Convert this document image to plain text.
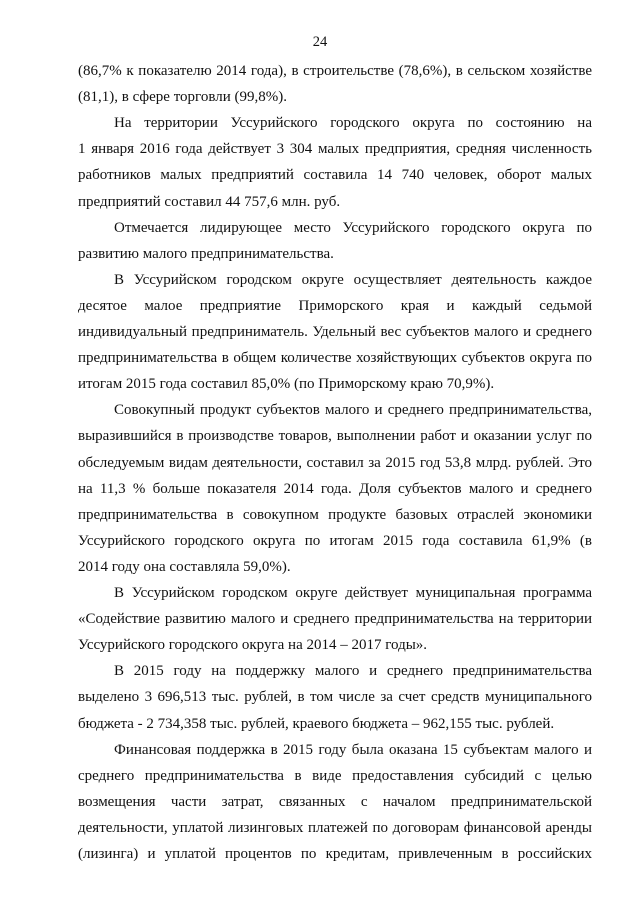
24
(86,7% к показателю 2014 года), в строительстве (78,6%), в сельском хозяйстве
(81,1), в сфере торговли (99,8%).
На территории Уссурийского городского округа по состоянию на
1 января 2016 года действует 3 304 малых предприятия, средняя численность
работников малых предприятий составила 14 740 человек, оборот малых
предприятий составил 44 757,6 млн. руб.
Отмечается лидирующее место Уссурийского городского округа по
развитию малого предпринимательства.
В Уссурийском городском округе осуществляет деятельность каждое
десятое малое предприятие Приморского края и каждый седьмой
индивидуальный предприниматель. Удельный вес субъектов малого и среднего
предпринимательства в общем количестве хозяйствующих субъектов округа по
итогам 2015 года составил 85,0% (по Приморскому краю 70,9%).
Совокупный продукт субъектов малого и среднего предпринимательства,
выразившийся в производстве товаров, выполнении работ и оказании услуг по
обследуемым видам деятельности, составил за 2015 год 53,8 млрд. рублей. Это
на 11,3 % больше показателя 2014 года. Доля субъектов малого и среднего
предпринимательства в совокупном продукте базовых отраслей экономики
Уссурийского городского округа по итогам 2015 года составила 61,9% (в
2014 году она составляла 59,0%).
В Уссурийском городском округе действует муниципальная программа
«Содействие развитию малого и среднего предпринимательства на территории
Уссурийского городского округа на 2014 – 2017 годы».
В 2015 году на поддержку малого и среднего предпринимательства
выделено 3 696,513 тыс. рублей, в том числе за счет средств муниципального
бюджета - 2 734,358 тыс. рублей, краевого бюджета – 962,155 тыс. рублей.
Финансовая поддержка в 2015 году была оказана 15 субъектам малого и
среднего предпринимательства в виде предоставления субсидий с целью
возмещения части затрат, связанных с началом предпринимательской
деятельности, уплатой лизинговых платежей по договорам финансовой аренды
(лизинга) и уплатой процентов по кредитам, привлеченным в российских
